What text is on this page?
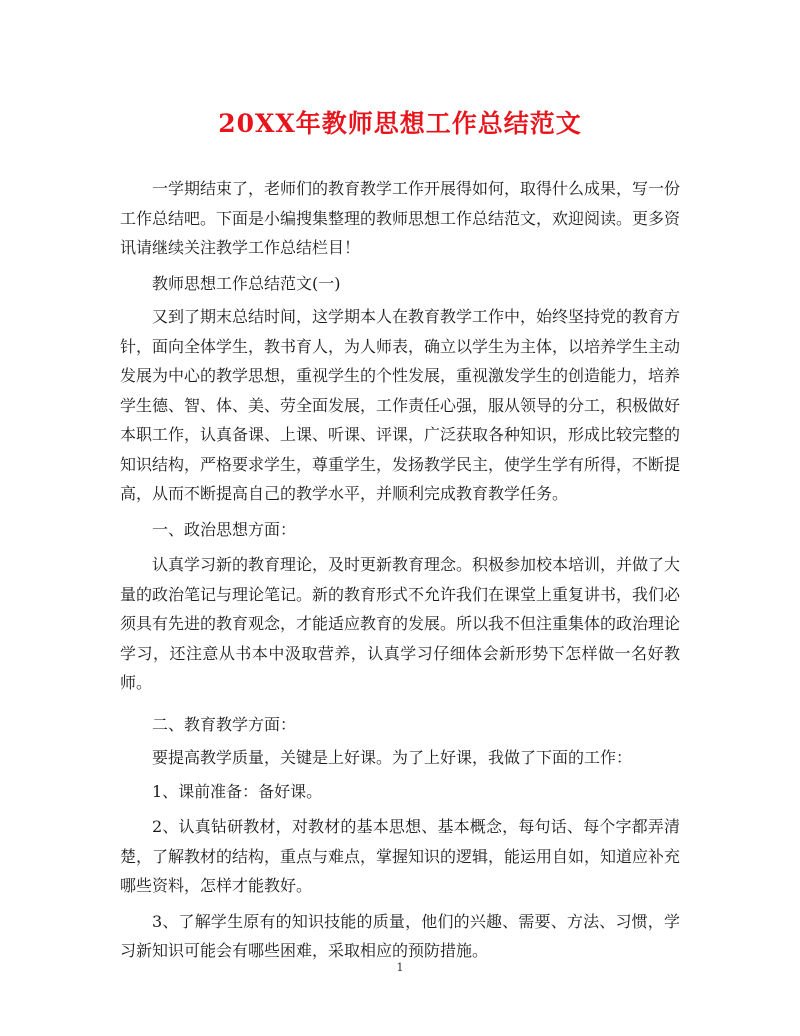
20XX年教师思想工作总结范文

一学期结束了，老师们的教育教学工作开展得如何，取得什么成果，写一份工作总结吧。下面是小编搜集整理的教师思想工作总结范文，欢迎阅读。更多资讯请继续关注教学工作总结栏目！

教师思想工作总结范文(一)

又到了期末总结时间，这学期本人在教育教学工作中，始终坚持党的教育方针，面向全体学生，教书育人，为人师表，确立以学生为主体，以培养学生主动发展为中心的教学思想，重视学生的个性发展，重视激发学生的创造能力，培养学生德、智、体、美、劳全面发展，工作责任心强，服从领导的分工，积极做好本职工作，认真备课、上课、听课、评课，广泛获取各种知识，形成比较完整的知识结构，严格要求学生，尊重学生，发扬教学民主，使学生学有所得，不断提高，从而不断提高自己的教学水平，并顺利完成教育教学任务。

一、政治思想方面：

认真学习新的教育理论，及时更新教育理念。积极参加校本培训，并做了大量的政治笔记与理论笔记。新的教育形式不允许我们在课堂上重复讲书，我们必须具有先进的教育观念，才能适应教育的发展。所以我不但注重集体的政治理论学习，还注意从书本中汲取营养，认真学习仔细体会新形势下怎样做一名好教师。

二、教育教学方面：

要提高教学质量，关键是上好课。为了上好课，我做了下面的工作：

1、课前准备：备好课。

2、认真钻研教材，对教材的基本思想、基本概念，每句话、每个字都弄清楚，了解教材的结构，重点与难点，掌握知识的逻辑，能运用自如，知道应补充哪些资料，怎样才能教好。

3、了解学生原有的知识技能的质量，他们的兴趣、需要、方法、习惯，学习新知识可能会有哪些困难，采取相应的预防措施。

1
